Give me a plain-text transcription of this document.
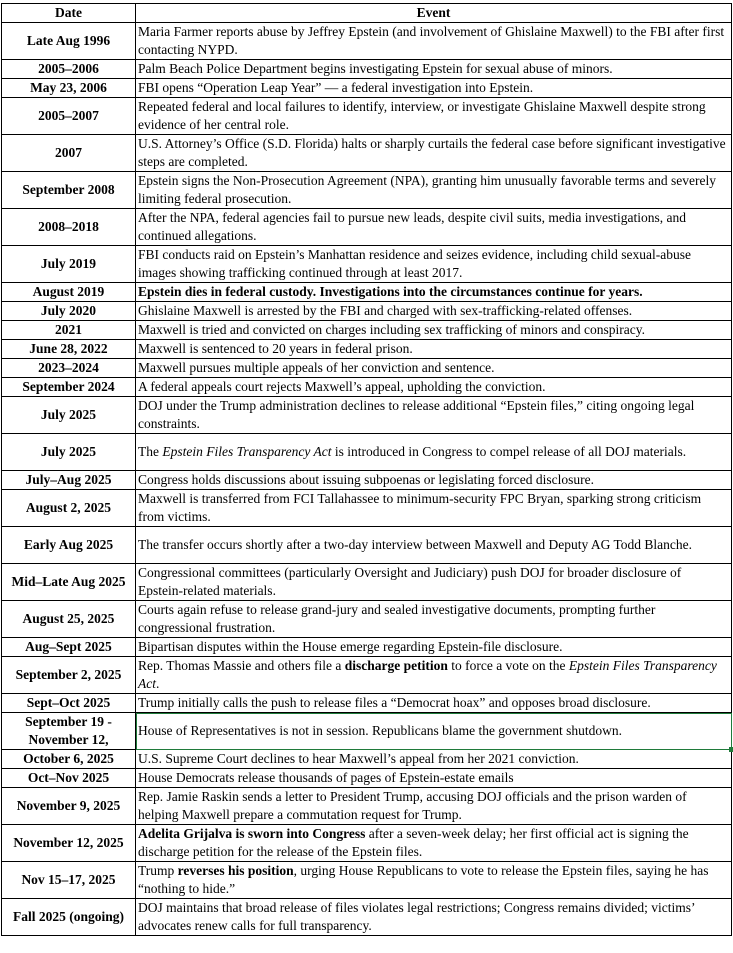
Date	Event
Late Aug 1996	Maria Farmer reports abuse by Jeffrey Epstein (and involvement of Ghislaine Maxwell) to the FBI after first contacting NYPD.
2005–2006	Palm Beach Police Department begins investigating Epstein for sexual abuse of minors.
May 23, 2006	FBI opens “Operation Leap Year” — a federal investigation into Epstein.
2005–2007	Repeated federal and local failures to identify, interview, or investigate Ghislaine Maxwell despite strong evidence of her central role.
2007	U.S. Attorney’s Office (S.D. Florida) halts or sharply curtails the federal case before significant investigative steps are completed.
September 2008	Epstein signs the Non-Prosecution Agreement (NPA), granting him unusually favorable terms and severely limiting federal prosecution.
2008–2018	After the NPA, federal agencies fail to pursue new leads, despite civil suits, media investigations, and continued allegations.
July 2019	FBI conducts raid on Epstein’s Manhattan residence and seizes evidence, including child sexual-abuse images showing trafficking continued through at least 2017.
August 2019	Epstein dies in federal custody. Investigations into the circumstances continue for years.
July 2020	Ghislaine Maxwell is arrested by the FBI and charged with sex-trafficking-related offenses.
2021	Maxwell is tried and convicted on charges including sex trafficking of minors and conspiracy.
June 28, 2022	Maxwell is sentenced to 20 years in federal prison.
2023–2024	Maxwell pursues multiple appeals of her conviction and sentence.
September 2024	A federal appeals court rejects Maxwell’s appeal, upholding the conviction.
July 2025	DOJ under the Trump administration declines to release additional “Epstein files,” citing ongoing legal constraints.
July 2025	The Epstein Files Transparency Act is introduced in Congress to compel release of all DOJ materials.
July–Aug 2025	Congress holds discussions about issuing subpoenas or legislating forced disclosure.
August 2, 2025	Maxwell is transferred from FCI Tallahassee to minimum-security FPC Bryan, sparking strong criticism from victims.
Early Aug 2025	The transfer occurs shortly after a two-day interview between Maxwell and Deputy AG Todd Blanche.
Mid–Late Aug 2025	Congressional committees (particularly Oversight and Judiciary) push DOJ for broader disclosure of Epstein-related materials.
August 25, 2025	Courts again refuse to release grand-jury and sealed investigative documents, prompting further congressional frustration.
Aug–Sept 2025	Bipartisan disputes within the House emerge regarding Epstein-file disclosure.
September 2, 2025	Rep. Thomas Massie and others file a discharge petition to force a vote on the Epstein Files Transparency Act.
Sept–Oct 2025	Trump initially calls the push to release files a “Democrat hoax” and opposes broad disclosure.
September 19 - November 12,	House of Representatives is not in session. Republicans blame the government shutdown.
October 6, 2025	U.S. Supreme Court declines to hear Maxwell’s appeal from her 2021 conviction.
Oct–Nov 2025	House Democrats release thousands of pages of Epstein-estate emails
November 9, 2025	Rep. Jamie Raskin sends a letter to President Trump, accusing DOJ officials and the prison warden of helping Maxwell prepare a commutation request for Trump.
November 12, 2025	Adelita Grijalva is sworn into Congress after a seven-week delay; her first official act is signing the discharge petition for the release of the Epstein files.
Nov 15–17, 2025	Trump reverses his position, urging House Republicans to vote to release the Epstein files, saying he has “nothing to hide.”
Fall 2025 (ongoing)	DOJ maintains that broad release of files violates legal restrictions; Congress remains divided; victims’ advocates renew calls for full transparency.
